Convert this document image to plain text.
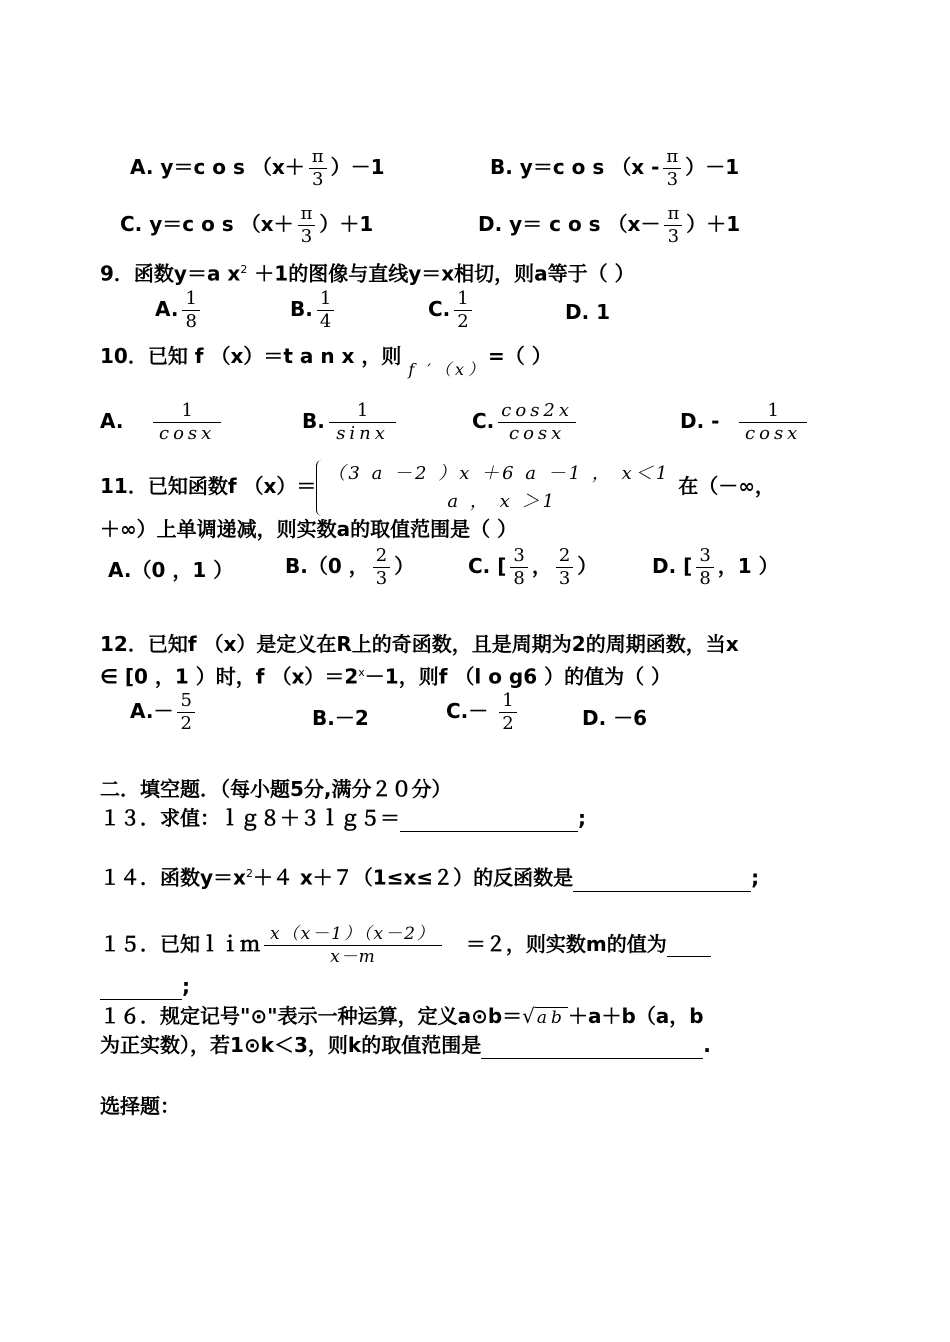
A. y＝c o s $(x+ \frac{\pi}{3} )-1$	B. y＝c o s $(x - \frac{\pi}{3} )-1$
C. y＝c o s $(x+ \frac{\pi}{3} )+1$	D. y＝ c o s $(x- \frac{\pi}{3} )+1$
9．函数y＝a $x^2 +1$的图像与直线y＝x相切，则a等于（ ）
A. $\frac{1}{8}$	B. $\frac{1}{4}$	C. $\frac{1}{2}$	D. 1
10．已知 f （x）＝t a n x ，则 $_{f '(x)}$=（ ）
A. $\frac{1}{\cos x}$	B. $\frac{1}{\sin x}$	C. $\frac{\cos 2x}{\cos x}$	D. - $\frac{1}{\cos x}$
11．已知函数f （x）＝
（3 a －2 ）x ＋6 a －1 ， x＜1
a ， x ＞1
在（－∞，
＋∞）上单调递减，则实数a的取值范围是（ ）
A.（0 ，1 ）	B.（0 ， $\frac{2}{3}$ ）	C. [ $\frac{3}{8}$ ， $\frac{2}{3}$ ）	D. [ $\frac{3}{8}$ ，1 ）
12．已知f （x）是定义在R上的奇函数，且是周期为2的周期函数，当x
∈ [0 ，1 ）时，f $(x)=2^x-1$，则f （l o g6 ）的值为（ ）
$A.- \frac{5}{2}$	B.－2	$C.- \frac{1}{2}$	D. －6
二．填空题．（每小题5分,满分２０分）
１３．求值：ｌｇ８＋３ｌｇ５＝	;
１４．函数$y=x^2+4$ x＋７（1≤x≤２）的反函数是	;
１５．已知ｌｉｍ $\frac{x(x-1)(x-2)}{x-m} =2$，则实数m的值为
;
１６．规定记号"⊙"表示一种运算，定义a⊙b＝√ ab ＋a＋b（a，b
为正实数），若1⊙k＜3，则k的取值范围是	.
选择题：
